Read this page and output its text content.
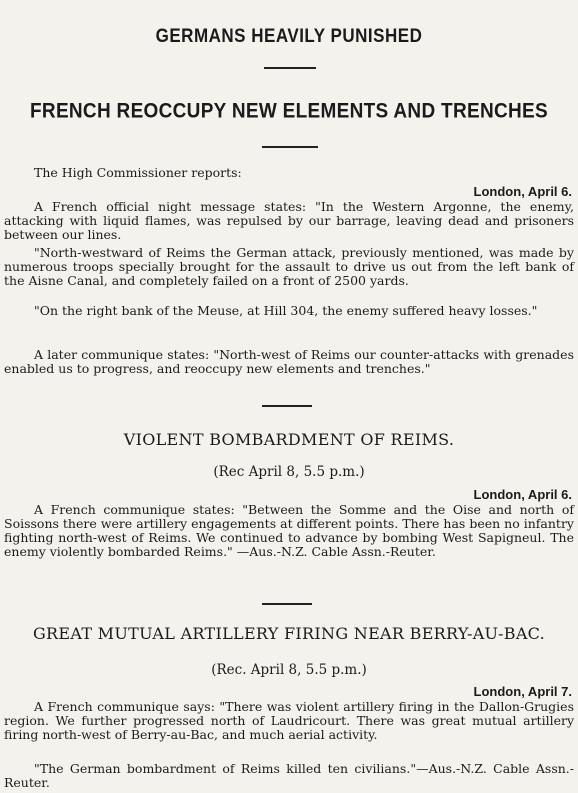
GERMANS HEAVILY PUNISHED
FRENCH REOCCUPY NEW ELEMENTS AND TRENCHES
The High Commissioner reports:
London, April 6.
A French official night message states: "In the Western Argonne, the enemy, attacking with liquid flames, was repulsed by our barrage, leaving dead and prisoners between our lines.
"North-westward of Reims the German attack, previously mentioned, was made by numerous troops specially brought for the assault to drive us out from the left bank of the Aisne Canal, and completely failed on a front of 2500 yards.
"On the right bank of the Meuse, at Hill 304, the enemy suffered heavy losses."
A later communique states: "North-west of Reims our counter-attacks with grenades enabled us to progress, and reoccupy new elements and trenches."
VIOLENT BOMBARDMENT OF REIMS.
(Rec April 8, 5.5 p.m.)
London, April 6.
A French communique states: "Between the Somme and the Oise and north of Soissons there were artillery engagements at different points. There has been no infantry fighting north-west of Reims. We continued to advance by bombing West Sapigneul. The enemy violently bombarded Reims." —Aus.-N.Z. Cable Assn.-Reuter.
GREAT MUTUAL ARTILLERY FIRING NEAR BERRY-AU-BAC.
(Rec. April 8, 5.5 p.m.)
London, April 7.
A French communique says: "There was violent artillery firing in the Dallon-Grugies region. We further progressed north of Laudricourt. There was great mutual artillery firing north-west of Berry-au-Bac, and much aerial activity.
"The German bombardment of Reims killed ten civilians."—Aus.-N.Z. Cable Assn.-Reuter.
